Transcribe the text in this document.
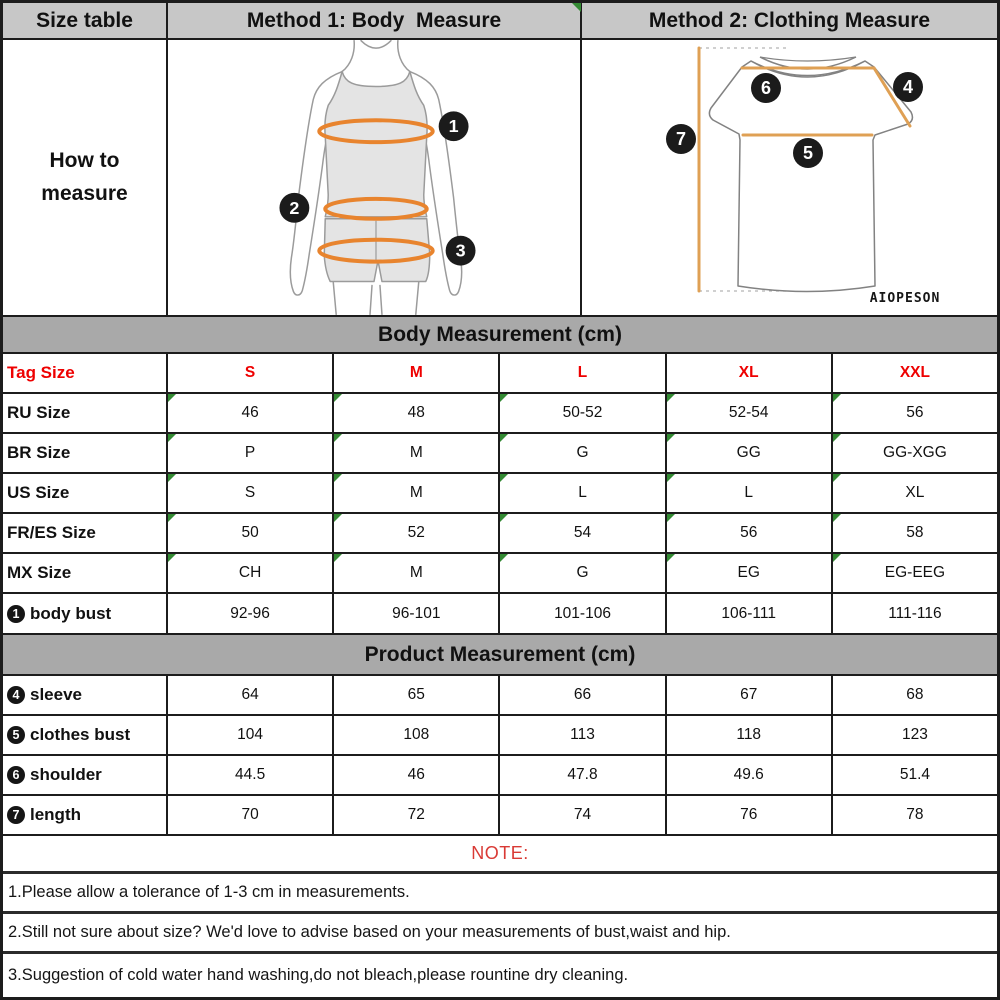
Size table	Method 1: Body  Measure	Method 2: Clothing Measure
How to
measure
1
2
3
6	4
7
5
AIOPESON
Body Measurement (cm)
Tag Size	S	M	L	XL	XXL
RU Size	46	48	50-52	52-54	56
BR Size	P	M	G	GG	GG-XGG
US Size	S	M	L	L	XL
FR/ES Size	50	52	54	56	58
MX Size	CH	M	G	EG	EG-EEG
1 body bust	92-96	96-101	101-106	106-111	111-116
Product Measurement (cm)
4 sleeve	64	65	66	67	68
5 clothes bust	104	108	113	118	123
6 shoulder	44.5	46	47.8	49.6	51.4
7 length	70	72	74	76	78
NOTE:
1.Please allow a tolerance of 1-3 cm in measurements.
2.Still not sure about size? We'd love to advise based on your measurements of bust,waist and hip.
3.Suggestion of cold water hand washing,do not bleach,please rountine dry cleaning.
